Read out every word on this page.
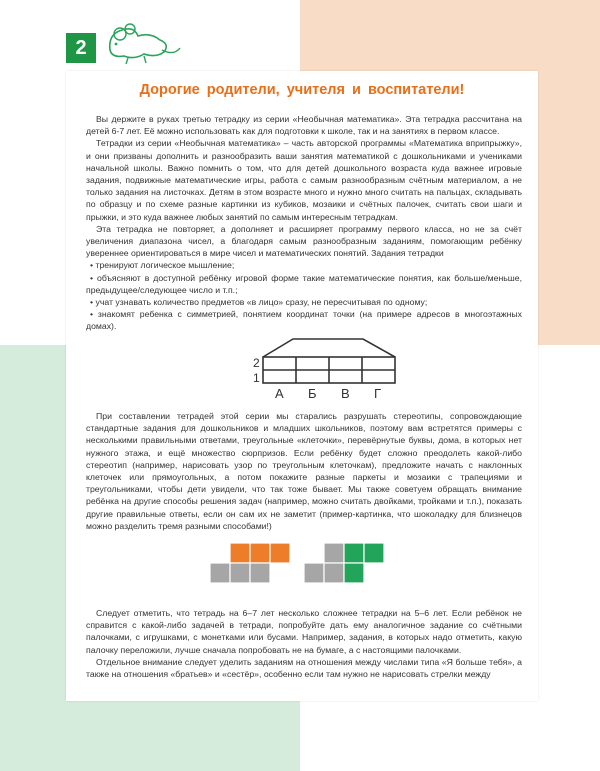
2
Дорогие родители, учителя и воспитатели!

Вы держите в руках третью тетрадку из серии «Необычная математика». Эта тетрадка рассчитана на детей 6-7 лет. Её можно использовать как для подготовки к школе, так и на занятиях в первом классе.
Тетрадки из серии «Необычная математика» – часть авторской программы «Математика вприпрыжку», и они призваны дополнить и разнообразить ваши занятия математикой с дошкольниками и учениками начальной школы. Важно помнить о том, что для детей дошкольного возраста куда важнее игровые задания, подвижные математические игры, работа с самым разнообразным счётным материалом, а не только задания на листочках. Детям в этом возрасте много и нужно много считать на пальцах, складывать по образцу и по схеме разные картинки из кубиков, мозаики и счётных палочек, считать свои шаги и прыжки, и это куда важнее любых занятий по самым интересным тетрадкам.
Эта тетрадка не повторяет, а дополняет и расширяет программу первого класса, но не за счёт увеличения диапазона чисел, а благодаря самым разнообразным заданиям, помогающим ребёнку увереннее ориентироваться в мире чисел и математических понятий. Задания тетрадки
• тренируют логическое мышление;
• объясняют в доступной ребёнку игровой форме такие математические понятия, как больше/меньше, предыдущее/следующее число и т.п.;
• учат узнавать количество предметов «в лицо» сразу, не пересчитывая по одному;
• знакомят ребенка с симметрией, понятием координат точки (на примере адресов в многоэтажных домах).

2
1
А Б В Г

При составлении тетрадей этой серии мы старались разрушать стереотипы, сопровождающие стандартные задания для дошкольников и младших школьников, поэтому вам встретятся примеры с несколькими правильными ответами, треугольные «клеточки», перевёрнутые буквы, дома, в которых нет нужного этажа, и ещё множество сюрпризов. Если ребёнку будет сложно преодолеть какой-либо стереотип (например, нарисовать узор по треугольным клеточкам), предложите начать с наклонных клеточек или прямоугольных, а потом покажите разные паркеты и мозаики с трапециями и треугольниками, чтобы дети увидели, что так тоже бывает. Мы также советуем обращать внимание ребёнка на другие способы решения задач (например, можно считать двойками, тройками и т.п.), показать другие правильные ответы, если он сам их не заметит (пример-картинка, что шоколадку для близнецов можно разделить тремя разными способами!)

Следует отметить, что тетрадь на 6–7 лет несколько сложнее тетрадки на 5–6 лет. Если ребёнок не справится с какой-либо задачей в тетради, попробуйте дать ему аналогичное задание со счётными палочками, с игрушками, с монетками или бусами. Например, задания, в которых надо отметить, какую палочку переложили, лучше сначала попробовать не на бумаге, а с настоящими палочками.
Отдельное внимание следует уделить заданиям на отношения между числами типа «Я больше тебя», а также на отношения «братьев» и «сестёр», особенно если там нужно не нарисовать стрелки между
